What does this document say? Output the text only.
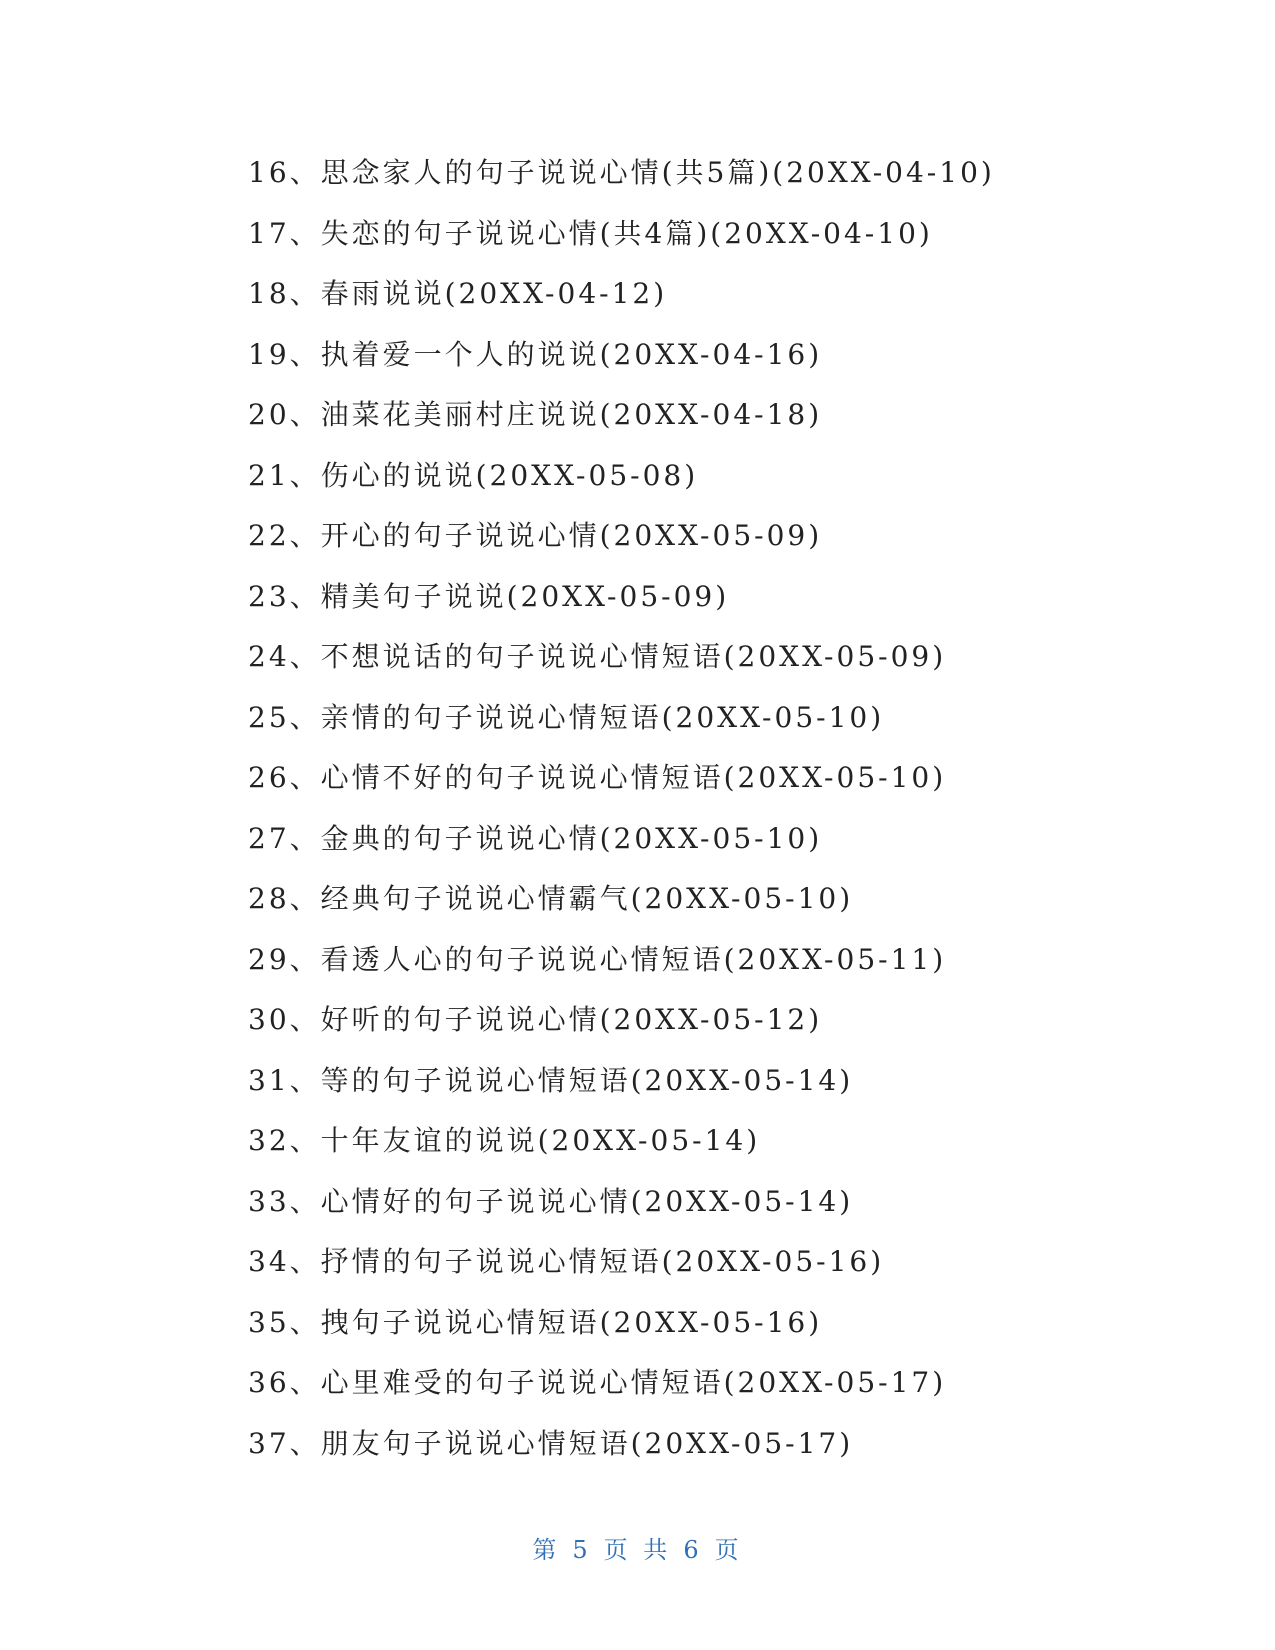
16、思念家人的句子说说心情(共5篇)(20XX-04-10)
17、失恋的句子说说心情(共4篇)(20XX-04-10)
18、春雨说说(20XX-04-12)
19、执着爱一个人的说说(20XX-04-16)
20、油菜花美丽村庄说说(20XX-04-18)
21、伤心的说说(20XX-05-08)
22、开心的句子说说心情(20XX-05-09)
23、精美句子说说(20XX-05-09)
24、不想说话的句子说说心情短语(20XX-05-09)
25、亲情的句子说说心情短语(20XX-05-10)
26、心情不好的句子说说心情短语(20XX-05-10)
27、金典的句子说说心情(20XX-05-10)
28、经典句子说说心情霸气(20XX-05-10)
29、看透人心的句子说说心情短语(20XX-05-11)
30、好听的句子说说心情(20XX-05-12)
31、等的句子说说心情短语(20XX-05-14)
32、十年友谊的说说(20XX-05-14)
33、心情好的句子说说心情(20XX-05-14)
34、抒情的句子说说心情短语(20XX-05-16)
35、拽句子说说心情短语(20XX-05-16)
36、心里难受的句子说说心情短语(20XX-05-17)
37、朋友句子说说心情短语(20XX-05-17)
第 5 页 共 6 页
